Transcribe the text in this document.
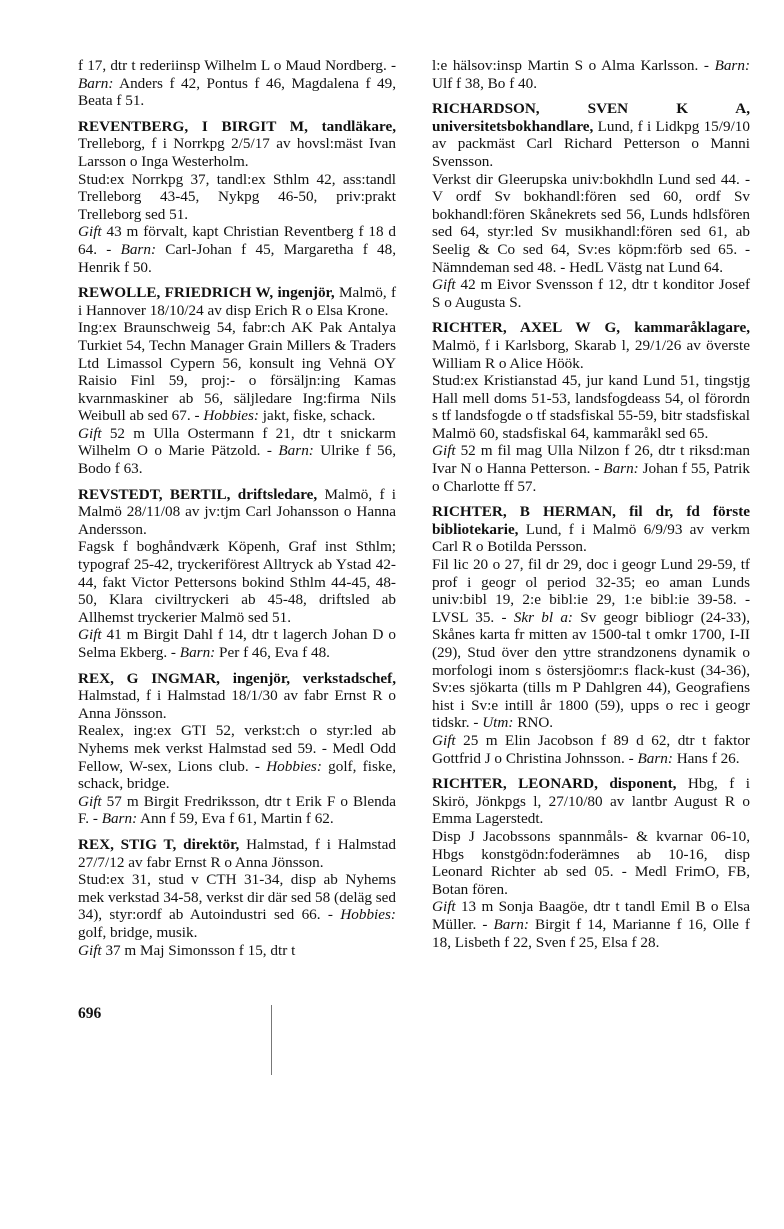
f 17, dtr t rederiinsp Wilhelm L o Maud Nordberg. - Barn: Anders f 42, Pontus f 46, Magdalena f 49, Beata f 51.

REVENTBERG, I BIRGIT M, tandläkare, Trelleborg, f i Norrkpg 2/5/17 av hovsl:mäst Ivan Larsson o Inga Westerholm.

Stud:ex Norrkpg 37, tandl:ex Sthlm 42, ass:tandl Trelleborg 43-45, Nykpg 46-50, priv:prakt Trelleborg sed 51.

Gift 43 m förvalt, kapt Christian Reventberg f 18 d 64. - Barn: Carl-Johan f 45, Margaretha f 48, Henrik f 50.

REWOLLE, FRIEDRICH W, ingenjör, Malmö, f i Hannover 18/10/24 av disp Erich R o Elsa Krone.

Ing:ex Braunschweig 54, fabr:ch AK Pak Antalya Turkiet 54, Techn Manager Grain Millers & Traders Ltd Limassol Cypern 56, konsult ing Vehnä OY Raisio Finl 59, proj:- o försäljn:ing Kamas kvarnmaskiner ab 56, säljledare Ing:firma Nils Weibull ab sed 67. - Hobbies: jakt, fiske, schack.

Gift 52 m Ulla Ostermann f 21, dtr t snickarm Wilhelm O o Marie Pätzold. - Barn: Ulrike f 56, Bodo f 63.

REVSTEDT, BERTIL, driftsledare, Malmö, f i Malmö 28/11/08 av jv:tjm Carl Johansson o Hanna Andersson.

Fagsk f boghåndværk Köpenh, Graf inst Sthlm; typograf 25-42, tryckeriförest Alltryck ab Ystad 42-44, fakt Victor Pettersons bokind Sthlm 44-45, 48-50, Klara civiltryckeri ab 45-48, driftsled ab Allhemst tryckerier Malmö sed 51.

Gift 41 m Birgit Dahl f 14, dtr t lagerch Johan D o Selma Ekberg. - Barn: Per f 46, Eva f 48.

REX, G INGMAR, ingenjör, verkstadschef, Halmstad, f i Halmstad 18/1/30 av fabr Ernst R o Anna Jönsson.

Realex, ing:ex GTI 52, verkst:ch o styr:led ab Nyhems mek verkst Halmstad sed 59. - Medl Odd Fellow, W-sex, Lions club. - Hobbies: golf, fiske, schack, bridge.

Gift 57 m Birgit Fredriksson, dtr t Erik F o Blenda F. - Barn: Ann f 59, Eva f 61, Martin f 62.

REX, STIG T, direktör, Halmstad, f i Halmstad 27/7/12 av fabr Ernst R o Anna Jönsson.

Stud:ex 31, stud v CTH 31-34, disp ab Nyhems mek verkstad 34-58, verkst dir där sed 58 (deläg sed 34), styr:ordf ab Autoindustri sed 66. - Hobbies: golf, bridge, musik.

Gift 37 m Maj Simonsson f 15, dtr t

l:e hälsov:insp Martin S o Alma Karlsson. - Barn: Ulf f 38, Bo f 40.

RICHARDSON, SVEN K A, universitetsbokhandlare, Lund, f i Lidkpg 15/9/10 av packmäst Carl Richard Petterson o Manni Svensson.

Verkst dir Gleerupska univ:bokhdln Lund sed 44. - V ordf Sv bokhandl:fören sed 60, ordf Sv bokhandl:fören Skånekrets sed 56, Lunds hdlsfören sed 64, styr:led Sv musikhandl:fören sed 61, ab Seelig & Co sed 64, Sv:es köpm:förb sed 65. - Nämndeman sed 48. - HedL Västg nat Lund 64.

Gift 42 m Eivor Svensson f 12, dtr t konditor Josef S o Augusta S.

RICHTER, AXEL W G, kammaråklagare, Malmö, f i Karlsborg, Skarab l, 29/1/26 av överste William R o Alice Höök.

Stud:ex Kristianstad 45, jur kand Lund 51, tingstjg Hall mell doms 51-53, landsfogdeass 54, ol förordn s tf landsfogde o tf stadsfiskal 55-59, bitr stadsfiskal Malmö 60, stadsfiskal 64, kammaråkl sed 65.

Gift 52 m fil mag Ulla Nilzon f 26, dtr t riksd:man Ivar N o Hanna Petterson. - Barn: Johan f 55, Patrik o Charlotte ff 57.

RICHTER, B HERMAN, fil dr, fd förste bibliotekarie, Lund, f i Malmö 6/9/93 av verkm Carl R o Botilda Persson.

Fil lic 20 o 27, fil dr 29, doc i geogr Lund 29-59, tf prof i geogr ol period 32-35; eo aman Lunds univ:bibl 19, 2:e bibl:ie 29, 1:e bibl:ie 39-58. - LVSL 35. - Skr bl a: Sv geogr bibliogr (24-33), Skånes karta fr mitten av 1500-tal t omkr 1700, I-II (29), Stud över den yttre strandzonens dynamik o morfologi inom s östersjöomr:s flack-kust (34-36), Sv:es sjökarta (tills m P Dahlgren 44), Geografiens hist i Sv:e intill år 1800 (59), upps o rec i geogr tidskr. - Utm: RNO.

Gift 25 m Elin Jacobson f 89 d 62, dtr t faktor Gottfrid J o Christina Johnsson. - Barn: Hans f 26.

RICHTER, LEONARD, disponent, Hbg, f i Skirö, Jönkpgs l, 27/10/80 av lantbr August R o Emma Lagerstedt.

Disp J Jacobssons spannmåls- & kvarnar 06-10, Hbgs konstgödn:foderämnes ab 10-16, disp Leonard Richter ab sed 05. - Medl FrimO, FB, Botan fören.

Gift 13 m Sonja Baagöe, dtr t tandl Emil B o Elsa Müller. - Barn: Birgit f 14, Marianne f 16, Olle f 18, Lisbeth f 22, Sven f 25, Elsa f 28.

696
